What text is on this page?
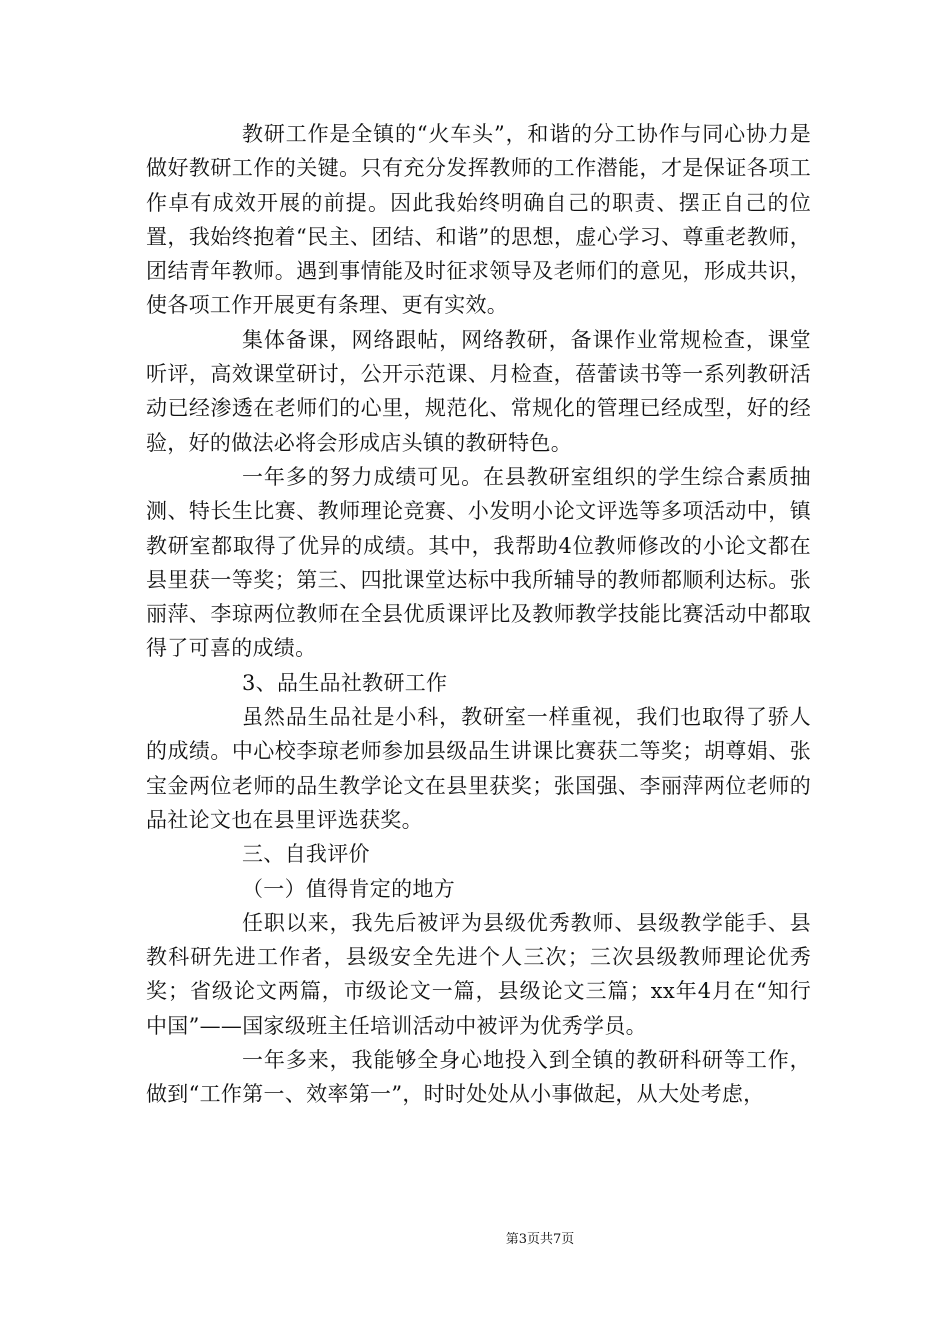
教研工作是全镇的“火车头”，和谐的分工协作与同心协力是做好教研工作的关键。只有充分发挥教师的工作潜能，才是保证各项工作卓有成效开展的前提。因此我始终明确自己的职责、摆正自己的位置，我始终抱着“民主、团结、和谐”的思想，虚心学习、尊重老教师，团结青年教师。遇到事情能及时征求领导及老师们的意见，形成共识，使各项工作开展更有条理、更有实效。

集体备课，网络跟帖，网络教研，备课作业常规检查，课堂听评，高效课堂研讨，公开示范课、月检查，蓓蕾读书等一系列教研活动已经渗透在老师们的心里，规范化、常规化的管理已经成型，好的经验，好的做法必将会形成店头镇的教研特色。

一年多的努力成绩可见。在县教研室组织的学生综合素质抽测、特长生比赛、教师理论竞赛、小发明小论文评选等多项活动中，镇教研室都取得了优异的成绩。其中，我帮助4位教师修改的小论文都在县里获一等奖；第三、四批课堂达标中我所辅导的教师都顺利达标。张丽萍、李琼两位教师在全县优质课评比及教师教学技能比赛活动中都取得了可喜的成绩。

3、品生品社教研工作

虽然品生品社是小科，教研室一样重视，我们也取得了骄人的成绩。中心校李琼老师参加县级品生讲课比赛获二等奖；胡尊娟、张宝金两位老师的品生教学论文在县里获奖；张国强、李丽萍两位老师的品社论文也在县里评选获奖。

三、自我评价

（一）值得肯定的地方

任职以来，我先后被评为县级优秀教师、县级教学能手、县教科研先进工作者，县级安全先进个人三次；三次县级教师理论优秀奖；省级论文两篇，市级论文一篇，县级论文三篇；xx年4月在“知行中国”——国家级班主任培训活动中被评为优秀学员。

一年多来，我能够全身心地投入到全镇的教研科研等工作，做到“工作第一、效率第一”，时时处处从小事做起，从大处考虑，

第3页共7页
